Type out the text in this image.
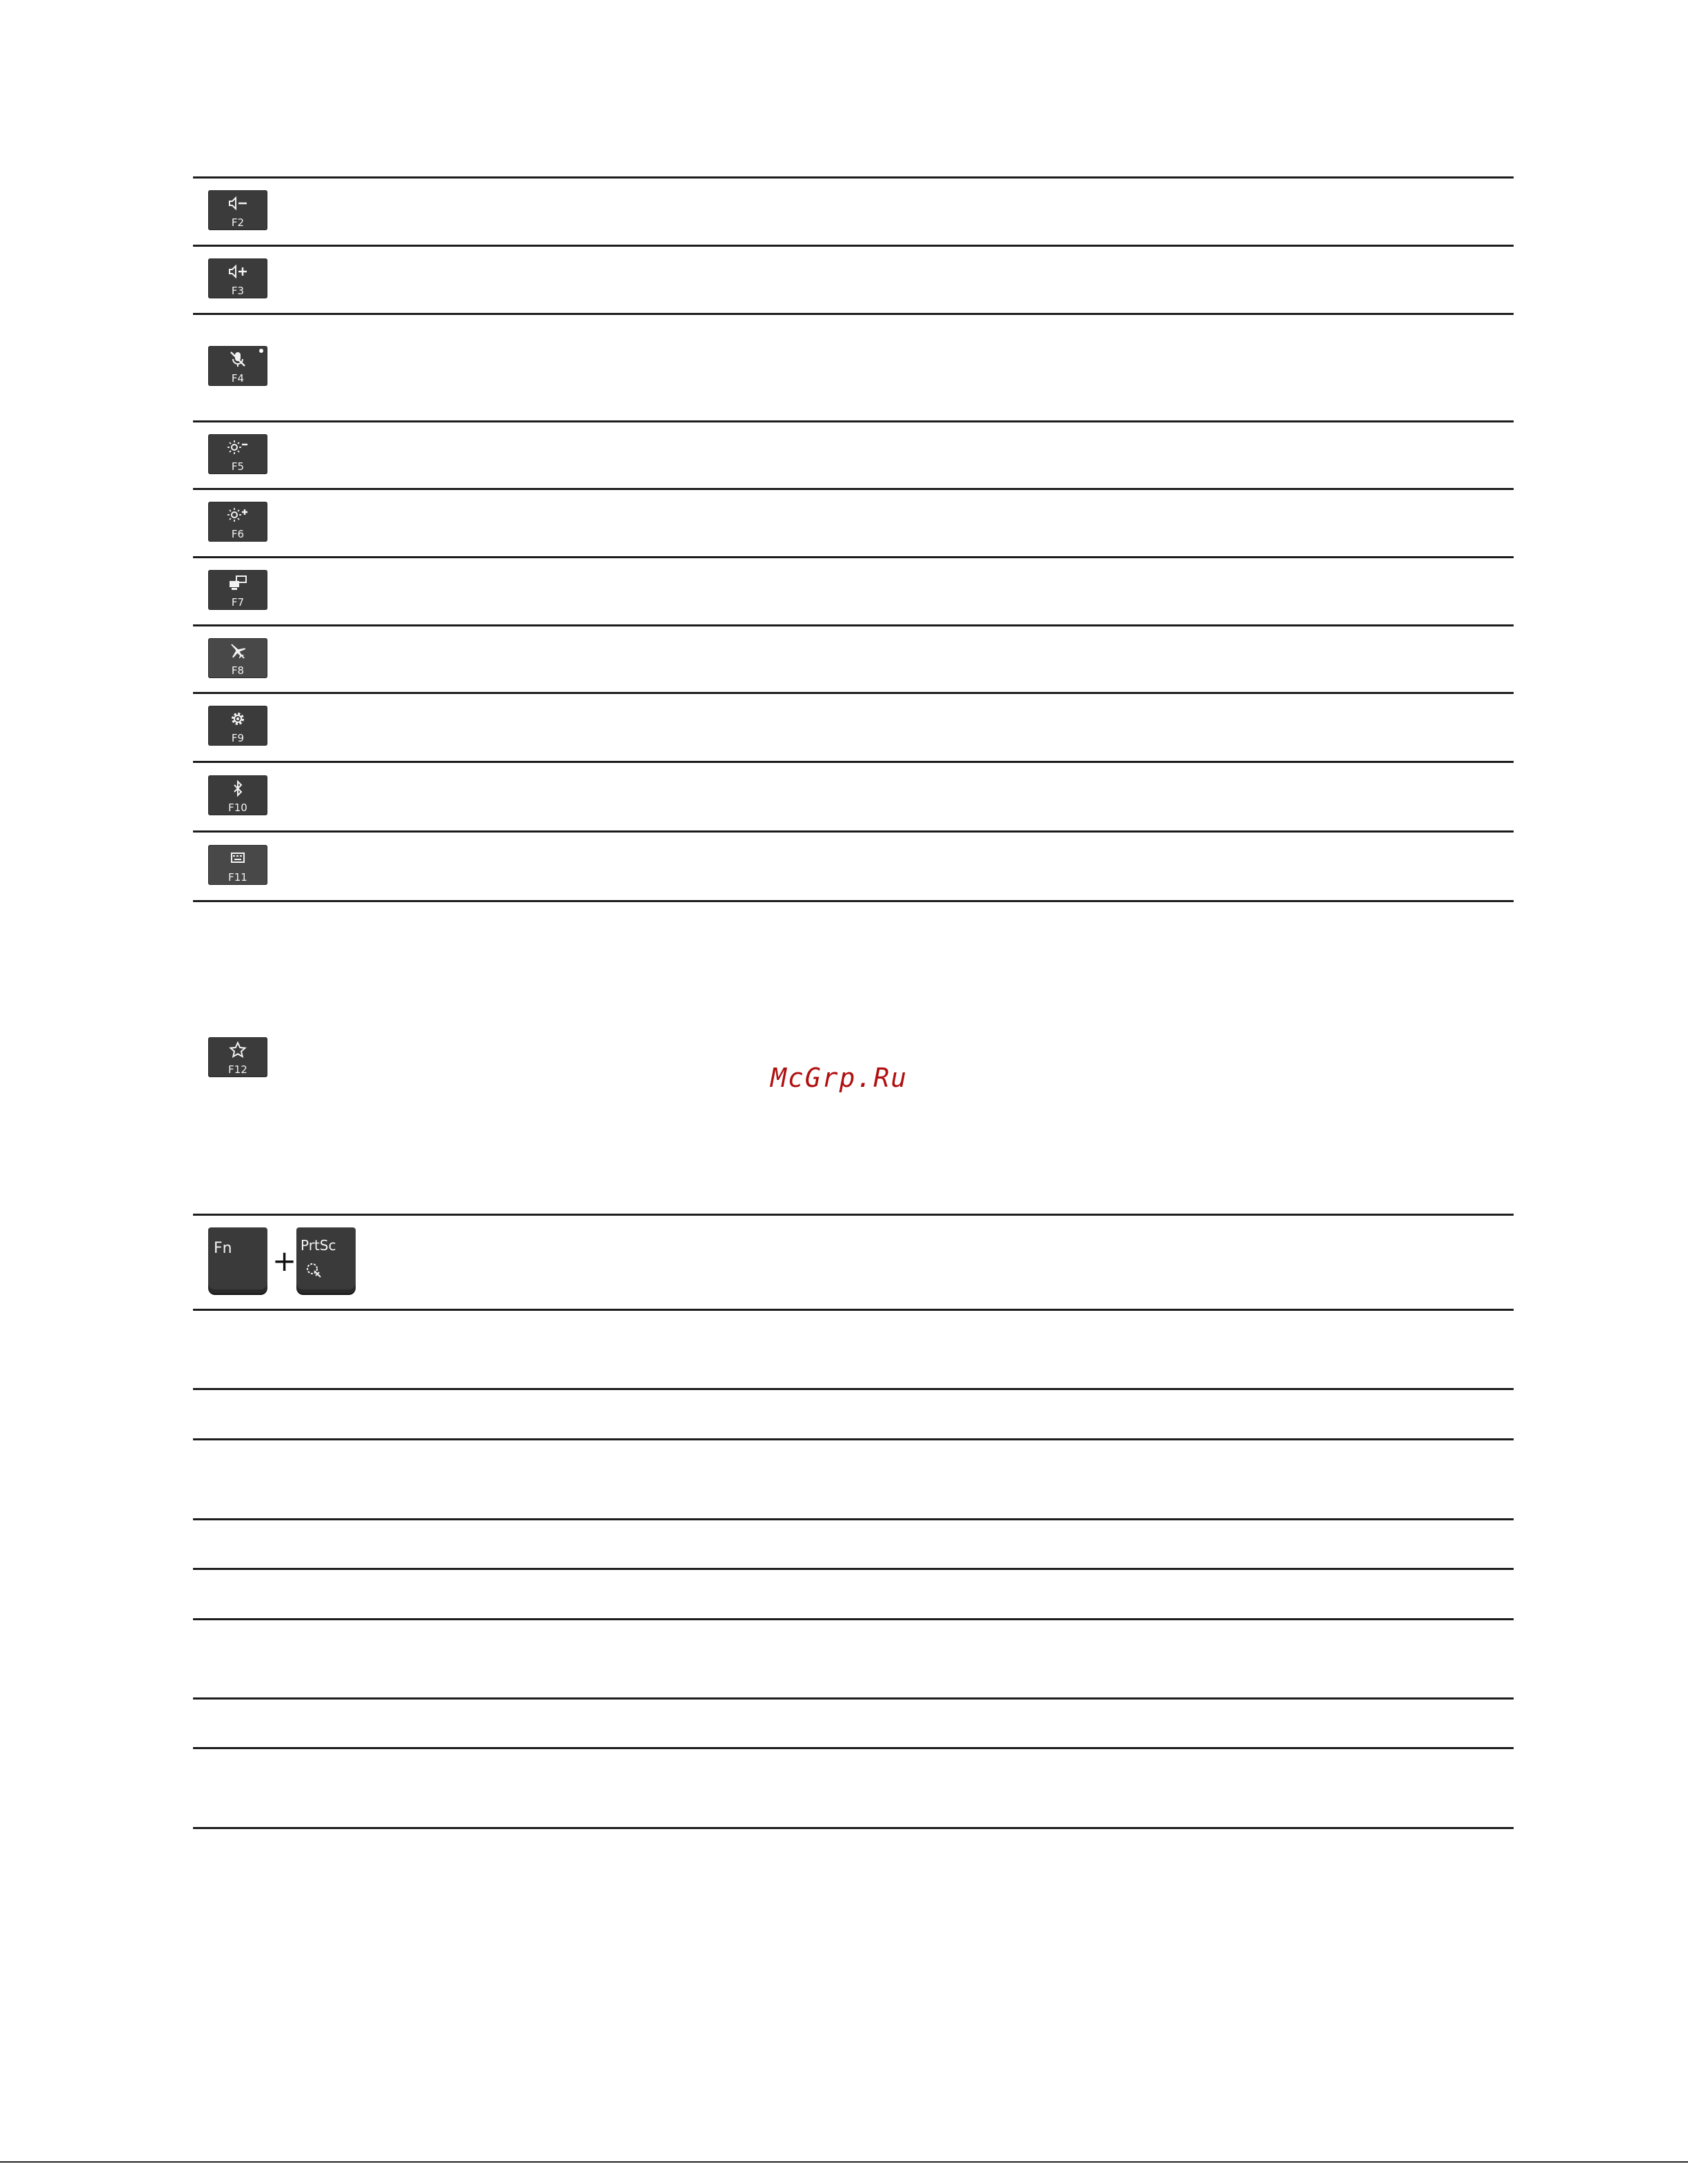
F2
F3
F4
F5
F6
F7
F8
F9
F10
F11
F12	McGrp.Ru
Fn + PrtSc
